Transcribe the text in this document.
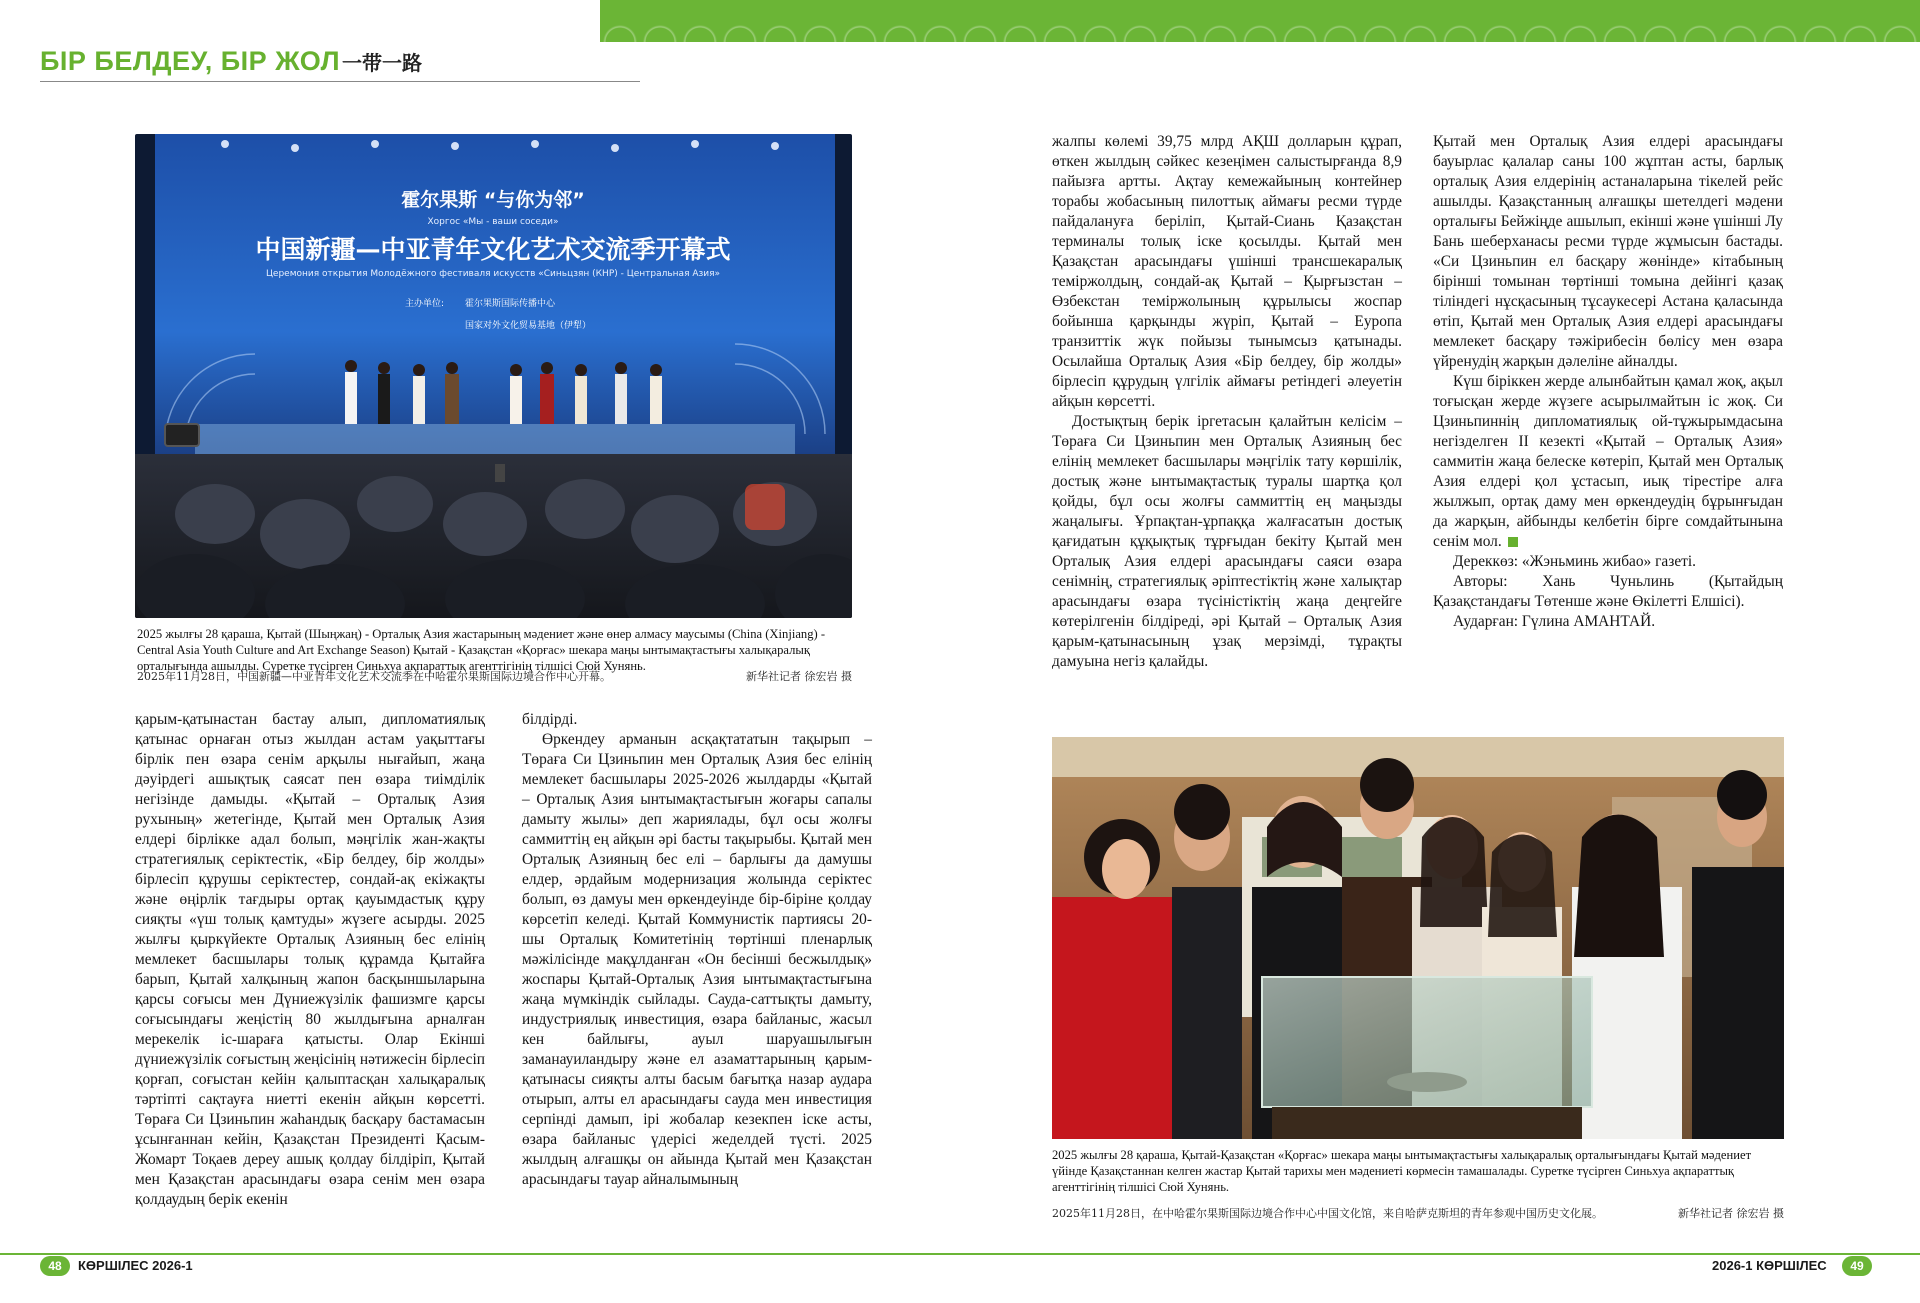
БІР БЕЛДЕУ, БІР ЖОЛ 一带一路
霍尔果斯 “与你为邻”
Хоргос «Мы - ваши соседи»
中国新疆—中亚青年文化艺术交流季开幕式
Церемония открытия Молодёжного фестиваля искусств «Синьцзян (КНР) - Центральная Азия»
主办单位: 霍尔果斯国际传播中心
国家对外文化贸易基地（伊犁）
2025 жылғы 28 қараша, Қытай (Шыңжаң) - Орталық Азия жастарының мәдениет және өнер алмасу маусымы (China (Xinjiang) - Central Asia Youth Culture and Art Exchange Season) Қытай - Қазақстан «Қорғас» шекара маңы ынтымақтастығы халықаралық орталығында ашылды. Суретке түсірген Синьхуа ақпараттық агенттігінің тілшісі Сюй Хунянь.
2025年11月28日，中国新疆—中亚青年文化艺术交流季在中哈霍尔果斯国际边境合作中心开幕。	新华社记者 徐宏岩 摄

жалпы көлемі 39,75 млрд АҚШ долларын құрап, өткен жылдың сәйкес кезеңімен салыстырғанда 8,9 пайызға артты. Ақтау кемежайының контейнер торабы жобасының пилоттық аймағы ресми түрде пайдалануға беріліп, Қытай-Сиань Қазақстан терминалы толық іске қосылды. Қытай мен Қазақстан арасындағы үшінші трансшекаралық теміржолдың, сондай-ақ Қытай – Қырғызстан – Өзбекстан теміржолының құрылысы жоспар бойынша қарқынды жүріп, Қытай – Еуропа транзиттік жүк пойызы тынымсыз қатынады. Осылайша Орталық Азия «Бір белдеу, бір жолды» бірлесіп құрудың үлгілік аймағы ретіндегі әлеуетін айқын көрсетті.

Достықтың берік іргетасын қалайтын келісім – Төраға Си Цзиньпин мен Орталық Азияның бес елінің мемлекет басшылары мәңгілік тату көршілік, достық және ынтымақтастық туралы шартқа қол қойды, бұл осы жолғы саммиттің ең маңызды жаңалығы. Ұрпақтан-ұрпаққа жалғасатын достық қағидатын құқықтық тұрғыдан бекіту Қытай мен Орталық Азия елдері арасындағы саяси өзара сенімнің, стратегиялық әріптестіктің және халықтар арасындағы өзара түсіністіктің жаңа деңгейге көтерілгенін білдіреді, әрі Қытай – Орталық Азия қарым-қатынасының ұзақ мерзімді, тұрақты дамуына негіз қалайды.

Қытай мен Орталық Азия елдері арасындағы бауырлас қалалар саны 100 жұптан асты, барлық орталық Азия елдерінің астаналарына тікелей рейс ашылды. Қазақстанның алғашқы шетелдегі мәдени орталығы Бейжіңде ашылып, екінші және үшінші Лу Бань шеберханасы ресми түрде жұмысын бастады. «Си Цзиньпин ел басқару жөнінде» кітабының бірінші томынан төртінші томына дейінгі қазақ тіліндегі нұсқасының тұсаукесері Астана қаласында өтіп, Қытай мен Орталық Азия елдері арасындағы мемлекет басқару тәжірибесін бөлісу мен өзара үйренудің жарқын дәлеліне айналды.

Күш біріккен жерде алынбайтын қамал жоқ, ақыл тоғысқан жерде жүзеге асырылмайтын іс жоқ. Си Цзиньпиннің дипломатиялық ой-тұжырымдасына негізделген ІІ кезекті «Қытай – Орталық Азия» саммитін жаңа белеске көтеріп, Қытай мен Орталық Азия елдері қол ұстасып, иық тірестіре алға жылжып, ортақ даму мен өркендеудің бұрынғыдан да жарқын, айбынды келбетін бірге сомдайтынына сенім мол.

Дереккөз: «Жэньминь жибао» газеті.

Авторы: Хань Чуньлинь (Қытайдың Қазақстандағы Төтенше және Өкілетті Елшісі).

Аударған: Гүлина АМАНТАЙ.

қарым-қатынастан бастау алып, дипломатиялық қатынас орнаған отыз жылдан астам уақыттағы бірлік пен өзара сенім арқылы нығайып, жаңа дәуірдегі ашықтық саясат пен өзара тиімділік негізінде дамыды. «Қытай – Орталық Азия рухының» жетегінде, Қытай мен Орталық Азия елдері бірлікке адал болып, мәңгілік жан-жақты стратегиялық серіктестік, «Бір белдеу, бір жолды» бірлесіп құрушы серіктестер, сондай-ақ екіжақты және өңірлік тағдыры ортақ қауымдастық құру сияқты «үш толық қамтуды» жүзеге асырды. 2025 жылғы қыркүйекте Орталық Азияның бес елінің мемлекет басшылары толық құрамда Қытайға барып, Қытай халқының жапон басқыншыларына қарсы соғысы мен Дүниежүзілік фашизмге қарсы соғысындағы жеңістің 80 жылдығына арналған мерекелік іс-шараға қатысты. Олар Екінші дүниежүзілік соғыстың жеңісінің нәтижесін бірлесіп қорғап, соғыстан кейін қалыптасқан халықаралық тәртіпті сақтауға ниетті екенін айқын көрсетті. Төраға Си Цзиньпин жаһандық басқару бастамасын ұсынғаннан кейін, Қазақстан Президенті Қасым-Жомарт Тоқаев дереу ашық қолдау білдіріп, Қытай мен Қазақстан арасындағы өзара сенім мен өзара қолдаудың берік екенін

білдірді.

Өркендеу арманын асқақтататын тақырып – Төраға Си Цзиньпин мен Орталық Азия бес елінің мемлекет басшылары 2025-2026 жылдарды «Қытай – Орталық Азия ынтымақтастығын жоғары сапалы дамыту жылы» деп жариялады, бұл осы жолғы саммиттің ең айқын әрі басты тақырыбы. Қытай мен Орталық Азияның бес елі – барлығы да дамушы елдер, әрдайым модернизация жолында серіктес болып, өз дамуы мен өркендеуінде бір-біріне қолдау көрсетіп келеді. Қытай Коммунистік партиясы 20-шы Орталық Комитетінің төртінші пленарлық мәжілісінде мақұлданған «Он бесінші бесжылдық» жоспары Қытай-Орталық Азия ынтымақтастығына жаңа мүмкіндік сыйлады. Сауда-саттықты дамыту, индустриялық инвестиция, өзара байланыс, жасыл кен байлығы, ауыл шаруашылығын заманауиландыру және ел азаматтарының қарым-қатынасы сияқты алты басым бағытқа назар аудара отырып, алты ел арасындағы сауда мен инвестиция серпінді дамып, ірі жобалар кезекпен іске асты, өзара байланыс үдерісі жеделдей түсті. 2025 жылдың алғашқы он айында Қытай мен Қазақстан арасындағы тауар айналымының

2025 жылғы 28 қараша, Қытай-Қазақстан «Қорғас» шекара маңы ынтымақтастығы халықаралық орталығындағы Қытай мәдениет үйінде Қазақстаннан келген жастар Қытай тарихы мен мәдениеті көрмесін тамашалады. Суретке түсірген Синьхуа ақпараттық агенттігінің тілшісі Сюй Хунянь.
2025年11月28日，在中哈霍尔果斯国际边境合作中心中国文化馆，来自哈萨克斯坦的青年参观中国历史文化展。	新华社记者 徐宏岩 摄
48	КӨРШІЛЕС 2026-1	2026-1 КӨРШІЛЕС	49
